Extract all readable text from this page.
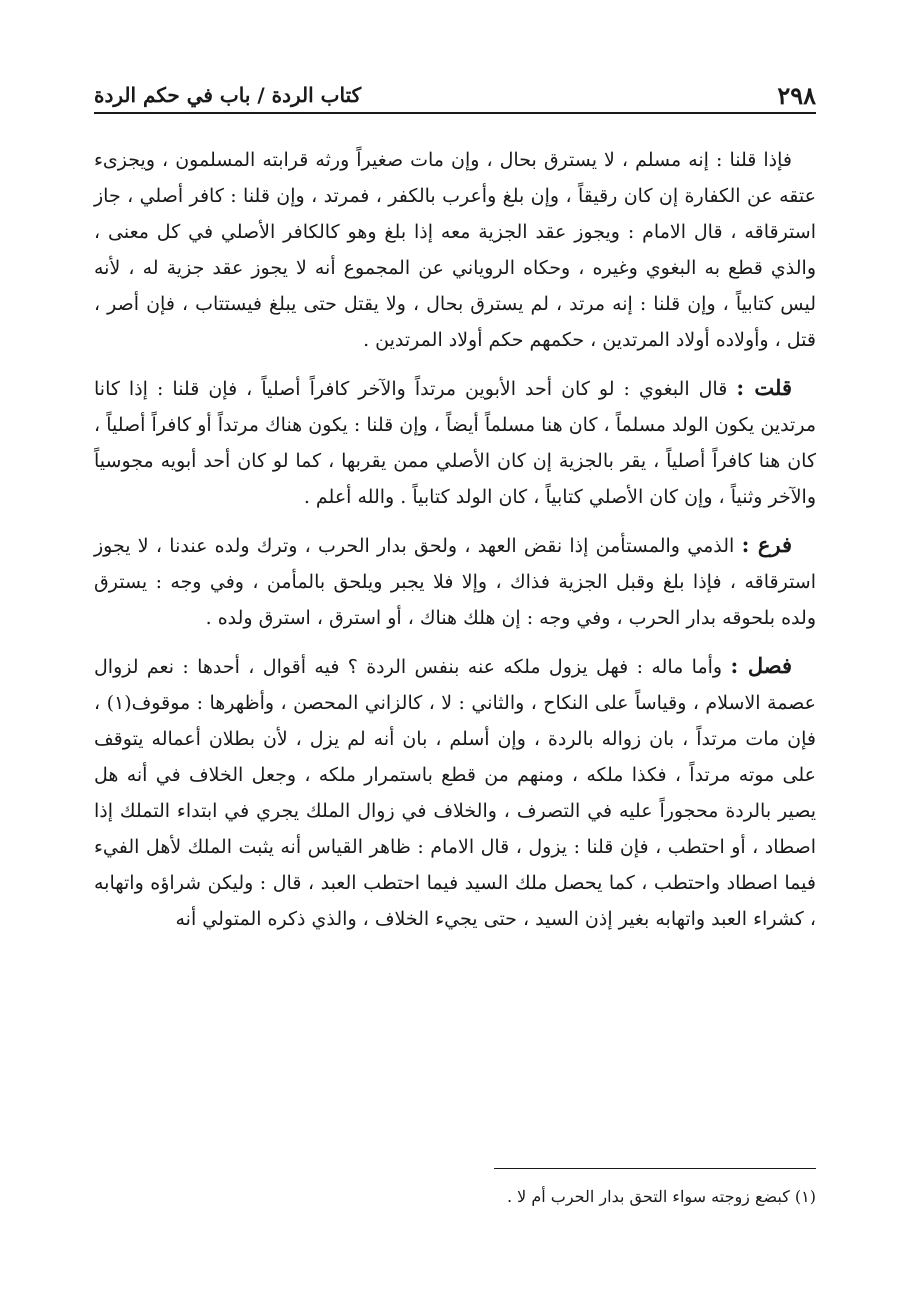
٢٩٨
كتاب الردة / باب في حكم الردة

فإذا قلنا : إنه مسلم ، لا يسترق بحال ، وإن مات صغيراً ورثه قرابته المسلمون ، ويجزىء عتقه عن الكفارة إن كان رقيقاً ، وإن بلغ وأعرب بالكفر ، فمرتد ، وإن قلنا : كافر أصلي ، جاز استرقاقه ، قال الامام : ويجوز عقد الجزية معه إذا بلغ وهو كالكافر الأصلي في كل معنى ، والذي قطع به البغوي وغيره ، وحكاه الروياني عن المجموع أنه لا يجوز عقد جزية له ، لأنه ليس كتابياً ، وإن قلنا : إنه مرتد ، لم يسترق بحال ، ولا يقتل حتى يبلغ فيستتاب ، فإن أصر ، قتل ، وأولاده أولاد المرتدين ، حكمهم حكم أولاد المرتدين .

قلت : قال البغوي : لو كان أحد الأبوين مرتداً والآخر كافراً أصلياً ، فإن قلنا : إذا كانا مرتدين يكون الولد مسلماً ، كان هنا مسلماً أيضاً ، وإن قلنا : يكون هناك مرتداً أو كافراً أصلياً ، كان هنا كافراً أصلياً ، يقر بالجزية إن كان الأصلي ممن يقربها ، كما لو كان أحد أبويه مجوسياً والآخر وثنياً ، وإن كان الأصلي كتابياً ، كان الولد كتابياً . والله أعلم .

فرع : الذمي والمستأمن إذا نقض العهد ، ولحق بدار الحرب ، وترك ولده عندنا ، لا يجوز استرقاقه ، فإذا بلغ وقبل الجزية فذاك ، وإلا فلا يجبر ويلحق بالمأمن ، وفي وجه : يسترق ولده بلحوقه بدار الحرب ، وفي وجه : إن هلك هناك ، أو استرق ، استرق ولده .

فصل : وأما ماله : فهل يزول ملكه عنه بنفس الردة ؟ فيه أقوال ، أحدها : نعم لزوال عصمة الاسلام ، وقياساً على النكاح ، والثاني : لا ، كالزاني المحصن ، وأظهرها : موقوف(١) ، فإن مات مرتداً ، بان زواله بالردة ، وإن أسلم ، بان أنه لم يزل ، لأن بطلان أعماله يتوقف على موته مرتداً ، فكذا ملكه ، ومنهم من قطع باستمرار ملكه ، وجعل الخلاف في أنه هل يصير بالردة محجوراً عليه في التصرف ، والخلاف في زوال الملك يجري في ابتداء التملك إذا اصطاد ، أو احتطب ، فإن قلنا : يزول ، قال الامام : ظاهر القياس أنه يثبت الملك لأهل الفيء فيما اصطاد واحتطب ، كما يحصل ملك السيد فيما احتطب العبد ، قال : وليكن شراؤه واتهابه ، كشراء العبد واتهابه بغير إذن السيد ، حتى يجيء الخلاف ، والذي ذكره المتولي أنه

(١) كبضع زوجته سواء التحق بدار الحرب أم لا .
